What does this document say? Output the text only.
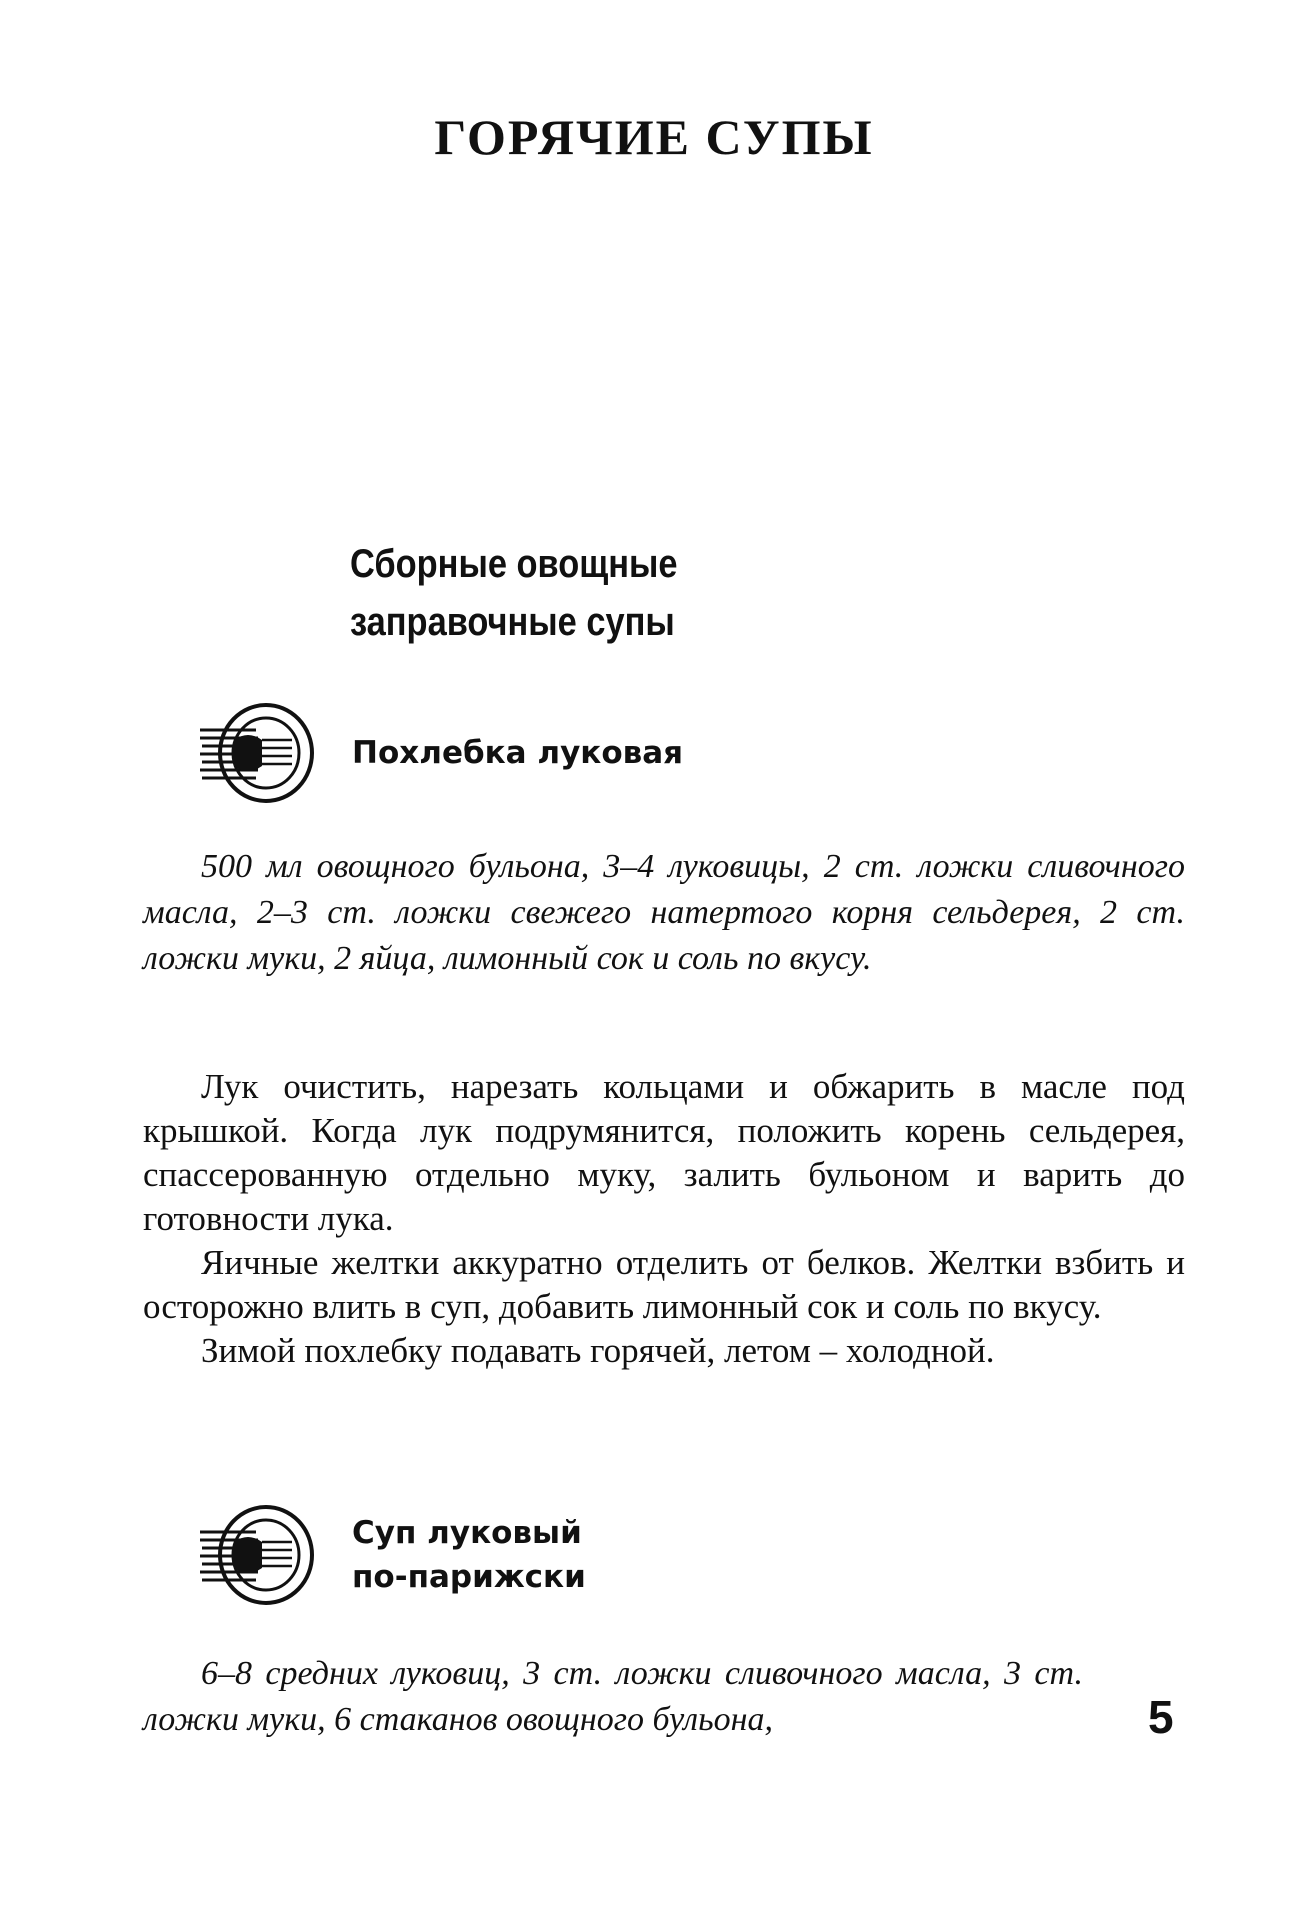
ГОРЯЧИЕ СУПЫ
Сборные овощные
заправочные супы
Похлебка луковая
500 мл овощного бульона, 3–4 луковицы, 2 ст. ложки сливочного масла, 2–3 ст. ложки свежего натертого корня сельдерея, 2 ст. ложки муки, 2 яйца, лимонный сок и соль по вкусу.

Лук очистить, нарезать кольцами и обжарить в масле под крышкой. Когда лук подрумянится, положить корень сельдерея, спассерованную отдельно муку, залить бульоном и варить до готовности лука.

Яичные желтки аккуратно отделить от белков. Желтки взбить и осторожно влить в суп, добавить лимонный сок и соль по вкусу.

Зимой похлебку подавать горячей, летом – холодной.

Суп луковый
по-парижски
6–8 средних луковиц, 3 ст. ложки сливочного масла, 3 ст. ложки муки, 6 стаканов овощного бульона,	5
